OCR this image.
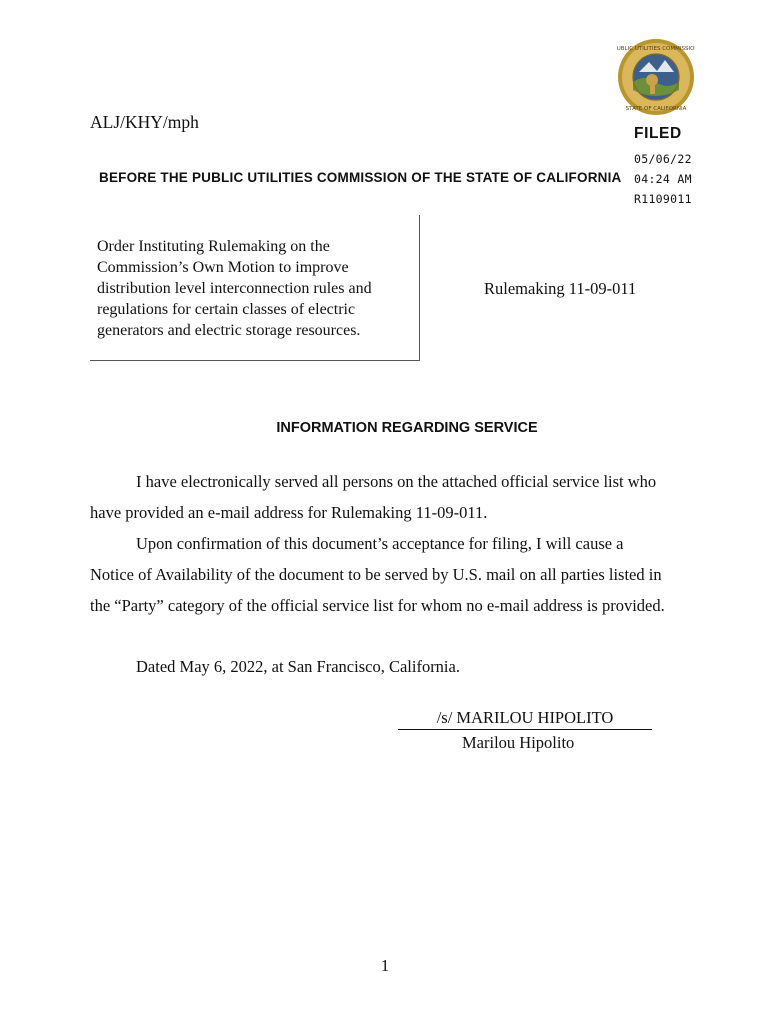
PUBLIC UTILITIES COMMISSION
STATE OF CALIFORNIA
ALJ/KHY/mph
FILED
05/06/22
04:24 AM
R1109011
BEFORE THE PUBLIC UTILITIES COMMISSION OF THE STATE OF CALIFORNIA
Order Instituting Rulemaking on the Commission’s Own Motion to improve distribution level interconnection rules and regulations for certain classes of electric generators and electric storage resources.
Rulemaking 11-09-011
INFORMATION REGARDING SERVICE
I have electronically served all persons on the attached official service list who have provided an e-mail address for Rulemaking 11-09-011.
Upon confirmation of this document’s acceptance for filing, I will cause a Notice of Availability of the document to be served by U.S. mail on all parties listed in the “Party” category of the official service list for whom no e-mail address is provided.
Dated May 6, 2022, at San Francisco, California.
/s/ MARILOU HIPOLITO
Marilou Hipolito
1
